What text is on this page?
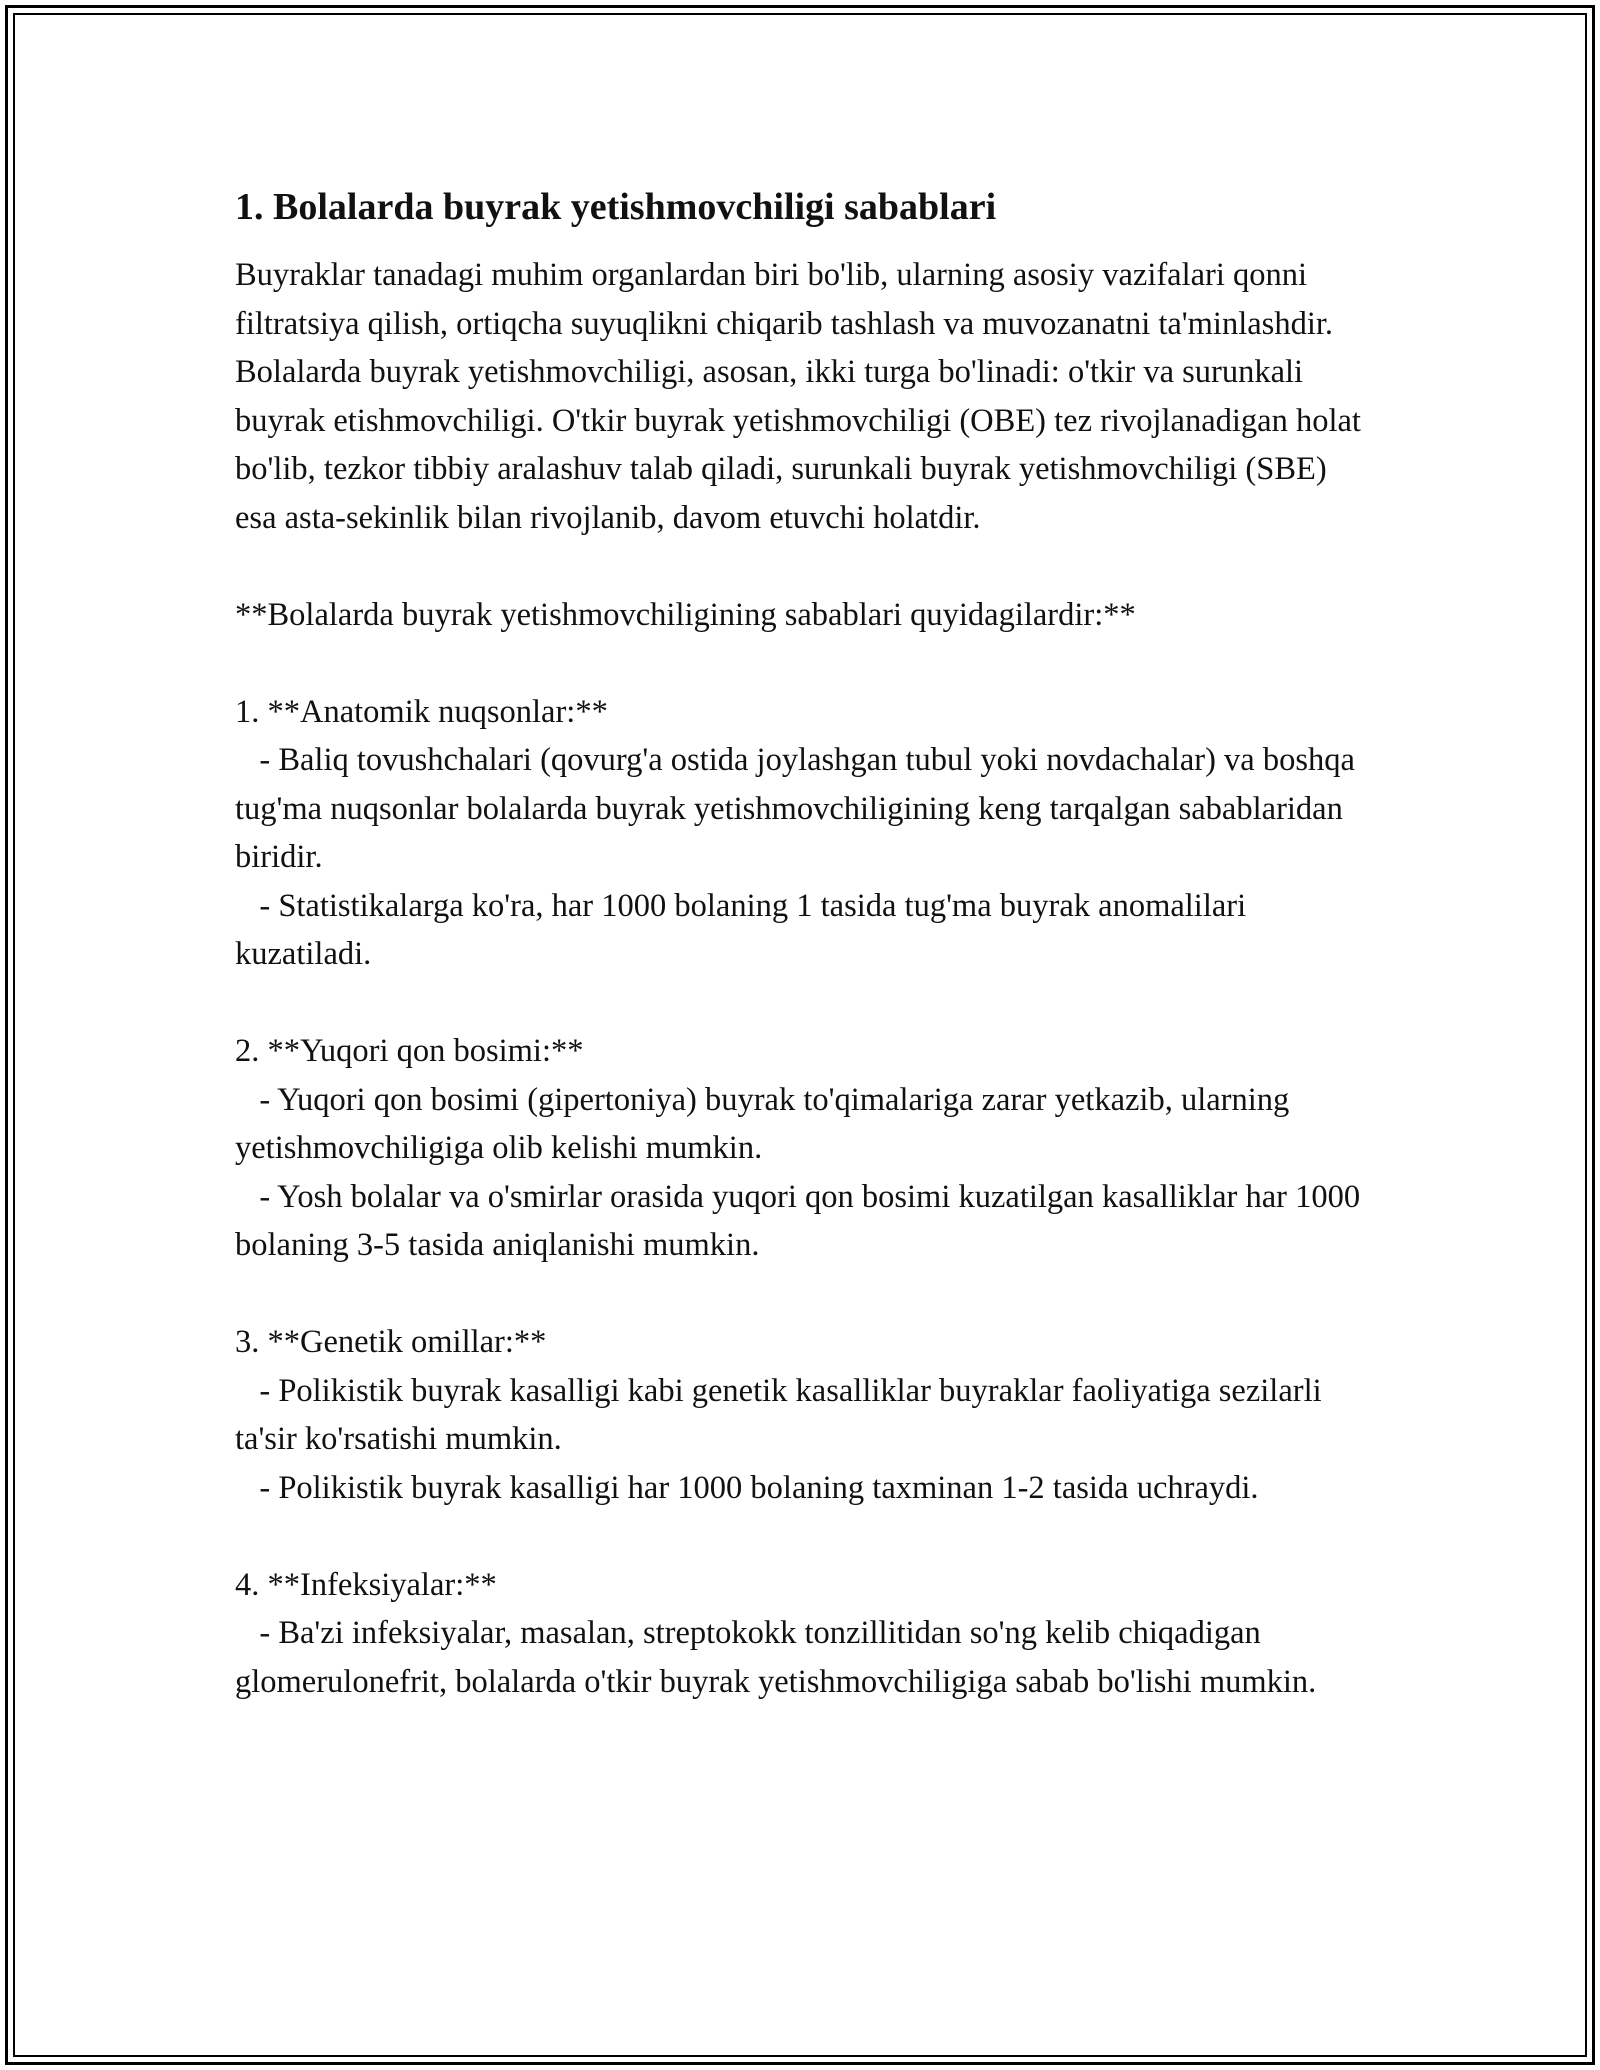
1. Bolalarda buyrak yetishmovchiligi sabablari

Buyraklar tanadagi muhim organlardan biri bo'lib, ularning asosiy vazifalari qonni filtratsiya qilish, ortiqcha suyuqlikni chiqarib tashlash va muvozanatni ta'minlashdir. Bolalarda buyrak yetishmovchiligi, asosan, ikki turga bo'linadi: o'tkir va surunkali buyrak etishmovchiligi. O'tkir buyrak yetishmovchiligi (OBE) tez rivojlanadigan holat bo'lib, tezkor tibbiy aralashuv talab qiladi, surunkali buyrak yetishmovchiligi (SBE) esa asta-sekinlik bilan rivojlanib, davom etuvchi holatdir.

**Bolalarda buyrak yetishmovchiligining sabablari quyidagilardir:**

1. **Anatomik nuqsonlar:**

- Baliq tovushchalari (qovurg'a ostida joylashgan tubul yoki novdachalar) va boshqa tug'ma nuqsonlar bolalarda buyrak yetishmovchiligining keng tarqalgan sabablaridan biridir.

- Statistikalarga ko'ra, har 1000 bolaning 1 tasida tug'ma buyrak anomalilari kuzatiladi.

2. **Yuqori qon bosimi:**

- Yuqori qon bosimi (gipertoniya) buyrak to'qimalariga zarar yetkazib, ularning yetishmovchiligiga olib kelishi mumkin.

- Yosh bolalar va o'smirlar orasida yuqori qon bosimi kuzatilgan kasalliklar har 1000 bolaning 3-5 tasida aniqlanishi mumkin.

3. **Genetik omillar:**

- Polikistik buyrak kasalligi kabi genetik kasalliklar buyraklar faoliyatiga sezilarli ta'sir ko'rsatishi mumkin.

- Polikistik buyrak kasalligi har 1000 bolaning taxminan 1-2 tasida uchraydi.

4. **Infeksiyalar:**

- Ba'zi infeksiyalar, masalan, streptokokk tonzillitidan so'ng kelib chiqadigan glomerulonefrit, bolalarda o'tkir buyrak yetishmovchiligiga sabab bo'lishi mumkin.
